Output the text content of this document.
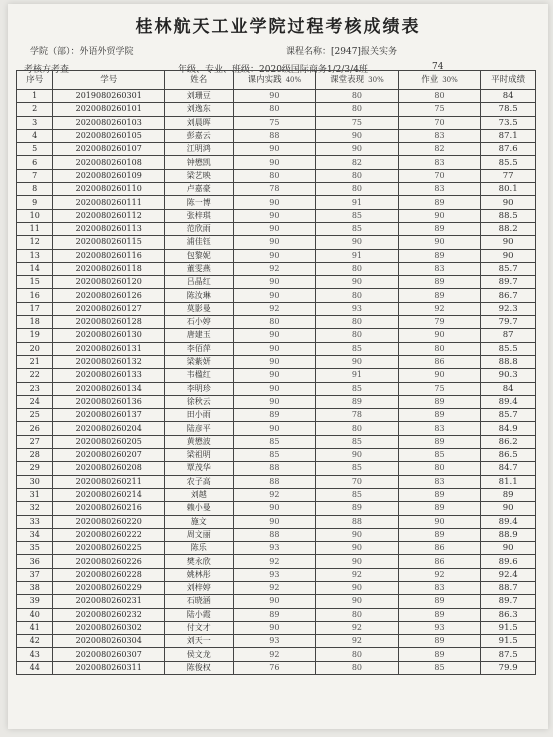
桂林航天工业学院过程考核成绩表
学院（部）：外语外贸学院	课程名称：[2947]报关实务
考核方考查	年级、专业、班级：2020级国际商务1/2/3/4班	74
序号	学号	姓名	课内实践 40%	课堂表现 30%	作业 30%	平时成绩
1	2019080260301	刘珊豆	90	80	80	84
2	2020080260101	刘逸东	80	80	75	78.5
3	2020080260103	刘晨晖	75	75	70	73.5
4	2020080260105	彭嘉云	88	90	83	87.1
5	2020080260107	江明鸿	90	90	82	87.6
6	2020080260108	钟懋凯	90	82	83	85.5
7	2020080260109	梁艺映	80	80	70	77
8	2020080260110	卢嘉豪	78	80	83	80.1
9	2020080260111	陈一博	90	91	89	90
10	2020080260112	张梓琪	90	85	90	88.5
11	2020080260113	范欣雨	90	85	89	88.2
12	2020080260115	浦佳钰	90	90	90	90
13	2020080260116	包黎妮	90	91	89	90
14	2020080260118	董雯燕	92	80	83	85.7
15	2020080260120	吕晶红	90	90	89	89.7
16	2020080260126	陈汝琳	90	80	89	86.7
17	2020080260127	莫影曼	92	93	92	92.3
18	2020080260128	石小婷	80	80	79	79.7
19	2020080260130	唐建玉	90	80	90	87
20	2020080260131	李佰萍	90	85	80	85.5
21	2020080260132	梁紫妍	90	90	86	88.8
22	2020080260133	韦楹红	90	91	90	90.3
23	2020080260134	李明珍	90	85	75	84
24	2020080260136	徐秋云	90	89	89	89.4
25	2020080260137	田小雨	89	78	89	85.7
26	2020080260204	陆彦平	90	80	83	84.9
27	2020080260205	黄懋波	85	85	89	86.2
28	2020080260207	梁祖明	85	90	85	86.5
29	2020080260208	覃茂华	88	85	80	84.7
30	2020080260211	农子高	88	70	83	81.1
31	2020080260214	刘越	92	85	89	89
32	2020080260216	赖小曼	90	89	89	90
33	2020080260220	施文	90	88	90	89.4
34	2020080260222	周文丽	88	90	89	88.9
35	2020080260225	陈乐	93	90	86	90
36	2020080260226	樊永欣	92	90	86	89.6
37	2020080260228	姚林彤	93	92	92	92.4
38	2020080260229	刘梓婷	92	90	83	88.7
39	2020080260231	石晓涵	90	90	89	89.7
40	2020080260232	陆小霞	89	80	89	86.3
41	2020080260302	付文才	90	92	93	91.5
42	2020080260304	刘天一	93	92	89	91.5
43	2020080260307	侯文龙	92	80	89	87.5
44	2020080260311	陈俊权	76	80	85	79.9
